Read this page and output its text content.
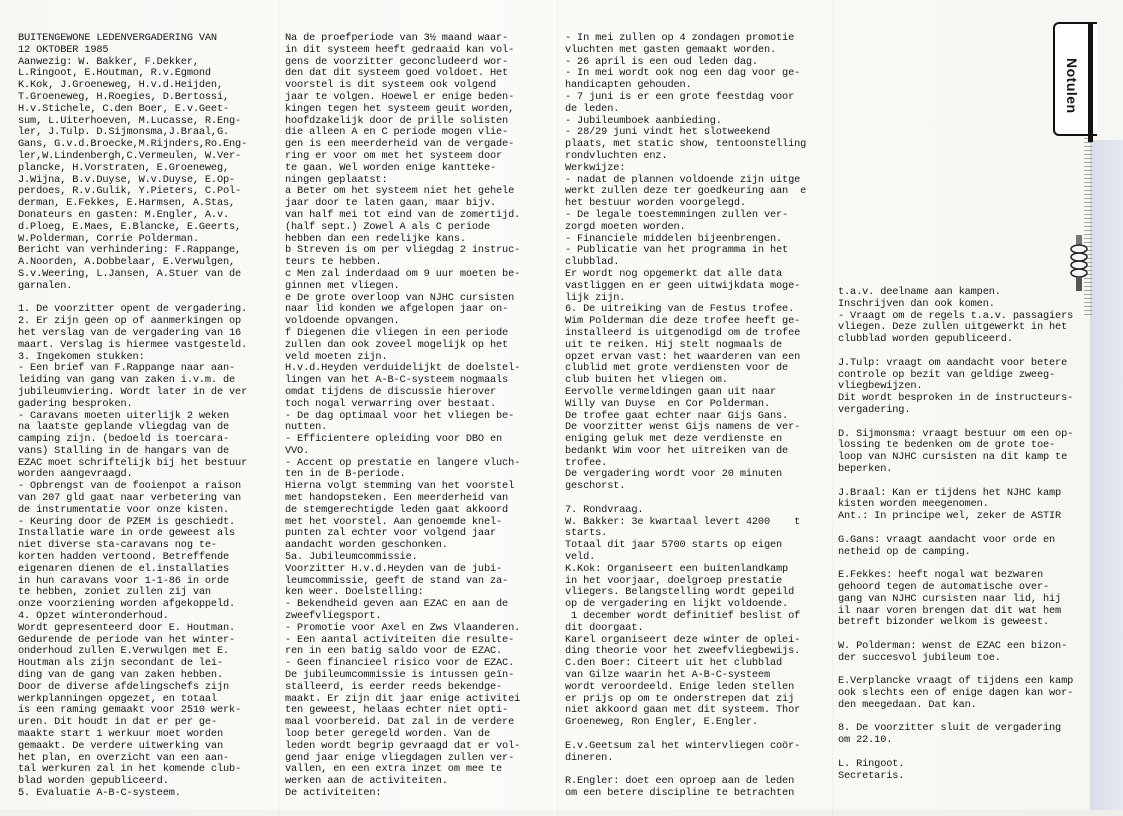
Notulen
BUITENGEWONE LEDENVERGADERING VAN
12 OKTOBER 1985
Aanwezig: W. Bakker, F.Dekker,
L.Ringoot, E.Houtman, R.v.Egmond
K.Kok, J.Groeneweg, H.v.d.Heijden,
T.Groeneweg, H.Roegies, D.Bertossi,
H.v.Stichele, C.den Boer, E.v.Geet-
sum, L.Uiterhoeven, M.Lucasse, R.Eng-
ler, J.Tulp. D.Sijmonsma,J.Braal,G.
Gans, G.v.d.Broecke,M.Rijnders,Ro.Eng-
ler,W.Lindenbergh,C.Vermeulen, W.Ver-
plancke, H.Vorstraten, E.Groeneweg,
J.Wijna, B.v.Duyse, W.v.Duyse, E.Op-
perdoes, R.v.Gulik, Y.Pieters, C.Pol-
derman, E.Fekkes, E.Harmsen, A.Stas,
Donateurs en gasten: M.Engler, A.v.
d.Ploeg, E.Maes, E.Blancke, E.Geerts,
W.Polderman, Corrie Polderman.
Bericht van verhindering: F.Rappange,
A.Noorden, A.Dobbelaar, E.Verwulgen,
S.v.Weering, L.Jansen, A.Stuer van de
garnalen.
1. De voorzitter opent de vergadering.
2. Er zijn geen op of aanmerkingen op
het verslag van de vergadering van 16
maart. Verslag is hiermee vastgesteld.
3. Ingekomen stukken:
- Een brief van F.Rappange naar aan-
leiding van gang van zaken i.v.m. de
jubileumviering. Wordt later in de ver
gadering besproken.
- Caravans moeten uiterlijk 2 weken
na laatste geplande vliegdag van de
camping zijn. (bedoeld is toercara-
vans) Stalling in de hangars van de
EZAC moet schriftelijk bij het bestuur
worden aangevraagd.
- Opbrengst van de fooienpot a raison
van 207 gld gaat naar verbetering van
de instrumentatie voor onze kisten.
- Keuring door de PZEM is geschiedt.
Installatie ware in orde geweest als
niet diverse sta-caravans nog te-
korten hadden vertoond. Betreffende
eigenaren dienen de el.installaties
in hun caravans voor 1-1-86 in orde
te hebben, zoniet zullen zij van
onze voorziening worden afgekoppeld.
4. Opzet winteronderhoud.
Wordt gepresenteerd door E. Houtman.
Gedurende de periode van het winter-
onderhoud zullen E.Verwulgen met E.
Houtman als zijn secondant de lei-
ding van de gang van zaken hebben.
Door de diverse afdelingschefs zijn
werkplanningen opgezet, en totaal
is een raming gemaakt voor 2510 werk-
uren. Dit houdt in dat er per ge-
maakte start 1 werkuur moet worden
gemaakt. De verdere uitwerking van
het plan, en overzicht van een aan-
tal werkuren zal in het komende club-
blad worden gepubliceerd.
5. Evaluatie A-B-C-systeem.
Na de proefperiode van 3½ maand waar-
in dit systeem heeft gedraaid kan vol-
gens de voorzitter geconcludeerd wor-
den dat dit systeem goed voldoet. Het
voorstel is dit systeem ook volgend
jaar te volgen. Hoewel er enige beden-
kingen tegen het systeem geuit worden,
hoofdzakelijk door de prille solisten
die alleen A en C periode mogen vlie-
gen is een meerderheid van de vergade-
ring er voor om met het systeem door
te gaan. Wel worden enige kantteke-
ningen geplaatst:
a Beter om het systeem niet het gehele
jaar door te laten gaan, maar bijv.
van half mei tot eind van de zomertijd.
(half sept.) Zowel A als C periode
hebben dan een redelijke kans.
b Streven is om per vliegdag 2 instruc-
teurs te hebben.
c Men zal inderdaad om 9 uur moeten be-
ginnen met vliegen.
e De grote overloop van NJHC cursisten
naar lid konden we afgelopen jaar on-
voldoende opvangen.
f Diegenen die vliegen in een periode
zullen dan ook zoveel mogelijk op het
veld moeten zijn.
H.v.d.Heyden verduidelijkt de doelstel-
lingen van het A-B-C-systeem nogmaals
omdat tijdens de discussie hierover
toch nogal verwarring over bestaat.
- De dag optimaal voor het vliegen be-
nutten.
- Efficientere opleiding voor DBO en
VVO.
- Accent op prestatie en langere vluch-
ten in de B-periode.
Hierna volgt stemming van het voorstel
met handopsteken. Een meerderheid van
de stemgerechtigde leden gaat akkoord
met het voorstel. Aan genoemde knel-
punten zal echter voor volgend jaar
aandacht worden geschonken.
5a. Jubileumcommissie.
Voorzitter H.v.d.Heyden van de jubi-
leumcommissie, geeft de stand van za-
ken weer. Doelstelling:
- Bekendheid geven aan EZAC en aan de
zweefvliegsport.
- Promotie voor Axel en Zws Vlaanderen.
- Een aantal activiteiten die resulte-
ren in een batig saldo voor de EZAC.
- Geen financieel risico voor de EZAC.
De jubileumcommissie is intussen geïn-
stalleerd, is eerder reeds bekendge-
maakt. Er zijn dit jaar enige activitei
ten geweest, helaas echter niet opti-
maal voorbereid. Dat zal in de verdere
loop beter geregeld worden. Van de
leden wordt begrip gevraagd dat er vol-
gend jaar enige vliegdagen zullen ver-
vallen, en een extra inzet om mee te
werken aan de activiteiten.
De activiteiten:
- In mei zullen op 4 zondagen promotie
vluchten met gasten gemaakt worden.
- 26 april is een oud leden dag.
- In mei wordt ook nog een dag voor ge-
handicapten gehouden.
- 7 juni is er een grote feestdag voor
de leden.
- Jubileumboek aanbieding.
- 28/29 juni vindt het slotweekend
plaats, met static show, tentoonstelling
rondvluchten enz.
Werkwijze:
- nadat de plannen voldoende zijn uitge
werkt zullen deze ter goedkeuring aan  e
het bestuur worden voorgelegd.
- De legale toestemmingen zullen ver-
zorgd moeten worden.
- Financiele middelen bijeenbrengen.
- Publicatie van het programma in het
clubblad.
Er wordt nog opgemerkt dat alle data
vastliggen en er geen uitwijkdata moge-
lijk zijn.
6. De uitreiking van de Festus trofee.
Wim Polderman die deze trofee heeft ge-
installeerd is uitgenodigd om de trofee
uit te reiken. Hij stelt nogmaals de
opzet ervan vast: het waarderen van een
clublid met grote verdiensten voor de
club buiten het vliegen om.
Eervolle vermeldingen gaan uit naar
Willy van Duyse  en Cor Polderman.
De trofee gaat echter naar Gijs Gans.
De voorzitter wenst Gijs namens de ver-
eniging geluk met deze verdienste en
bedankt Wim voor het uitreiken van de
trofee.
De vergadering wordt voor 20 minuten
geschorst.
7. Rondvraag.
W. Bakker: 3e kwartaal levert 4200    t
starts.
Totaal dit jaar 5700 starts op eigen
veld.
K.Kok: Organiseert een buitenlandkamp
in het voorjaar, doelgroep prestatie
vliegers. Belangstelling wordt gepeild
op de vergadering en lijkt voldoende.
1 december wordt definitief beslist of
dit doorgaat.
Karel organiseert deze winter de oplei-
ding theorie voor het zweefvliegbewijs.
C.den Boer: Citeert uit het clubblad
van Gilze waarin het A-B-C-systeem
wordt veroordeeld. Enige leden stellen
er prijs op om te onderstrepen dat zij
niet akkoord gaan met dit systeem. Thor
Groeneweg, Ron Engler, E.Engler.
E.v.Geetsum zal het wintervliegen coör-
dineren.
R.Engler: doet een oproep aan de leden
om een betere discipline te betrachten
t.a.v. deelname aan kampen.
Inschrijven dan ook komen.
- Vraagt om de regels t.a.v. passagiers
vliegen. Deze zullen uitgewerkt in het
clubblad worden gepubliceerd.
J.Tulp: vraagt om aandacht voor betere
controle op bezit van geldige zweeg-
vliegbewijzen.
Dit wordt besproken in de instructeurs-
vergadering.
D. Sijmonsma: vraagt bestuur om een op-
lossing te bedenken om de grote toe-
loop van NJHC cursisten na dit kamp te
beperken.
J.Braal: Kan er tijdens het NJHC kamp
kisten worden meegenomen.
Ant.: In principe wel, zeker de ASTIR
G.Gans: vraagt aandacht voor orde en
netheid op de camping.
E.Fekkes: heeft nogal wat bezwaren
gehoord tegen de automatische over-
gang van NJHC cursisten naar lid, hij
il naar voren brengen dat dit wat hem
betreft bizonder welkom is geweest.
W. Polderman: wenst de EZAC een bizon-
der succesvol jubileum toe.
E.Verplancke vraagt of tijdens een kamp
ook slechts een of enige dagen kan wor-
den meegedaan. Dat kan.
8. De voorzitter sluit de vergadering
om 22.10.
L. Ringoot.
Secretaris.
